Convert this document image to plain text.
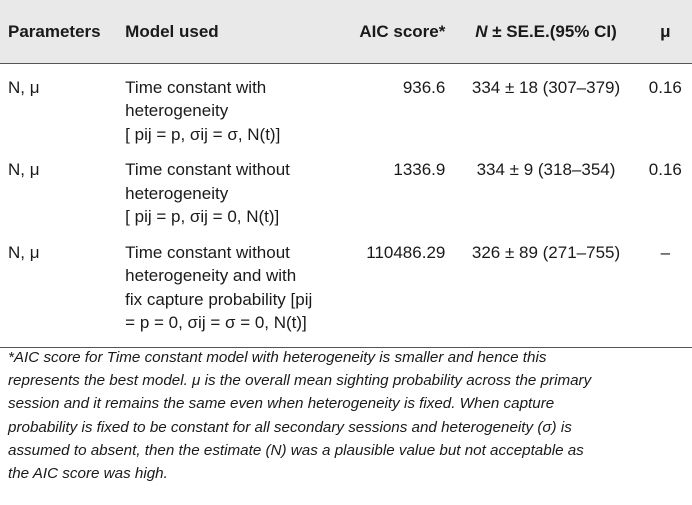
Parameters	Model used	AIC score*	N ± SE.E.(95% CI)	μ
N, μ	Time constant with
heterogeneity
[ pij = p, σij = σ, N(t)]	936.6	334 ± 18 (307–379)	0.16
N, μ	Time constant without
heterogeneity
[ pij = p, σij = 0, N(t)]	1336.9	334 ± 9 (318–354)	0.16
N, μ	Time constant without
heterogeneity and with
fix capture probability [pij
= p = 0, σij = σ = 0, N(t)]	110486.29	326 ± 89 (271–755)	–
*AIC score for Time constant model with heterogeneity is smaller and hence this
represents the best model. μ is the overall mean sighting probability across the primary
session and it remains the same even when heterogeneity is fixed. When capture
probability is fixed to be constant for all secondary sessions and heterogeneity (σ) is
assumed to absent, then the estimate (N) was a plausible value but not acceptable as
the AIC score was high.
